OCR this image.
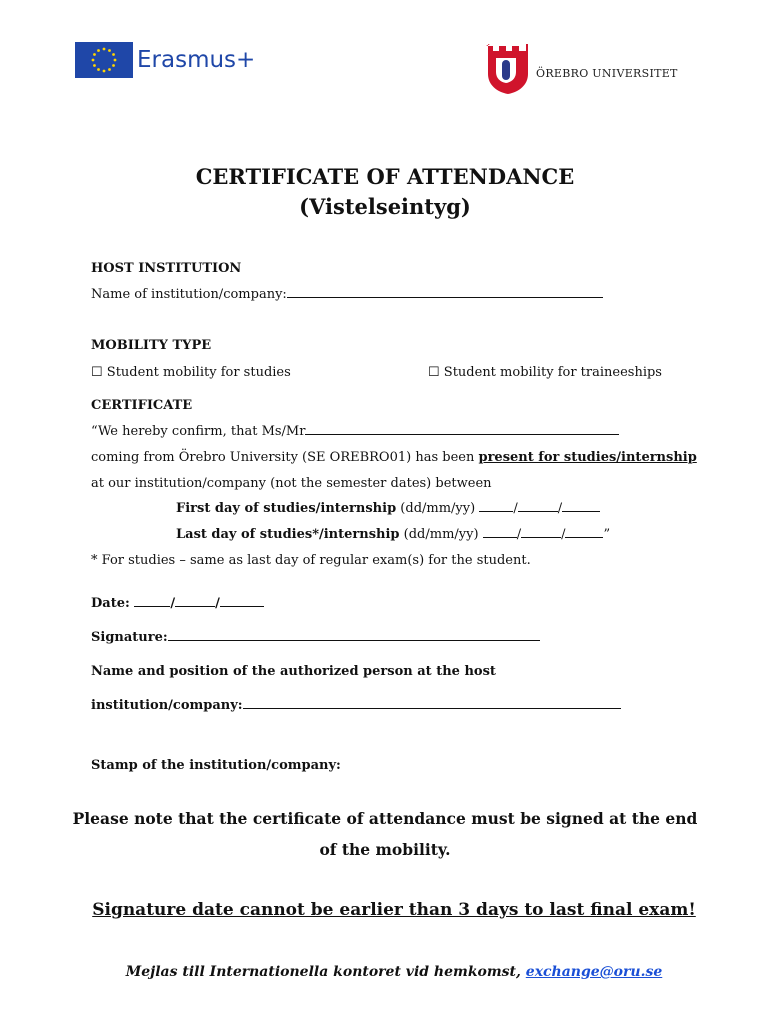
Erasmus+
ÖREBRO UNIVERSITET
CERTIFICATE OF ATTENDANCE
(Vistelseintyg)
HOST INSTITUTION
Name of institution/company:
MOBILITY TYPE
☐ Student mobility for studies	☐ Student mobility for traineeships
CERTIFICATE
“We hereby confirm, that Ms/Mr
coming from Örebro University (SE OREBRO01) has been present for studies/internship
at our institution/company (not the semester dates) between
First day of studies/internship (dd/mm/yy)	/	/
Last day of studies*/internship (dd/mm/yy)	/	/	”
* For studies – same as last day of regular exam(s) for the student.
Date:	/	/
Signature:
Name and position of the authorized person at the host
institution/company:
Stamp of the institution/company:
Please note that the certificate of attendance must be signed at the end
of the mobility.
Signature date cannot be earlier than 3 days to last final exam!
Mejlas till Internationella kontoret vid hemkomst, exchange@oru.se
